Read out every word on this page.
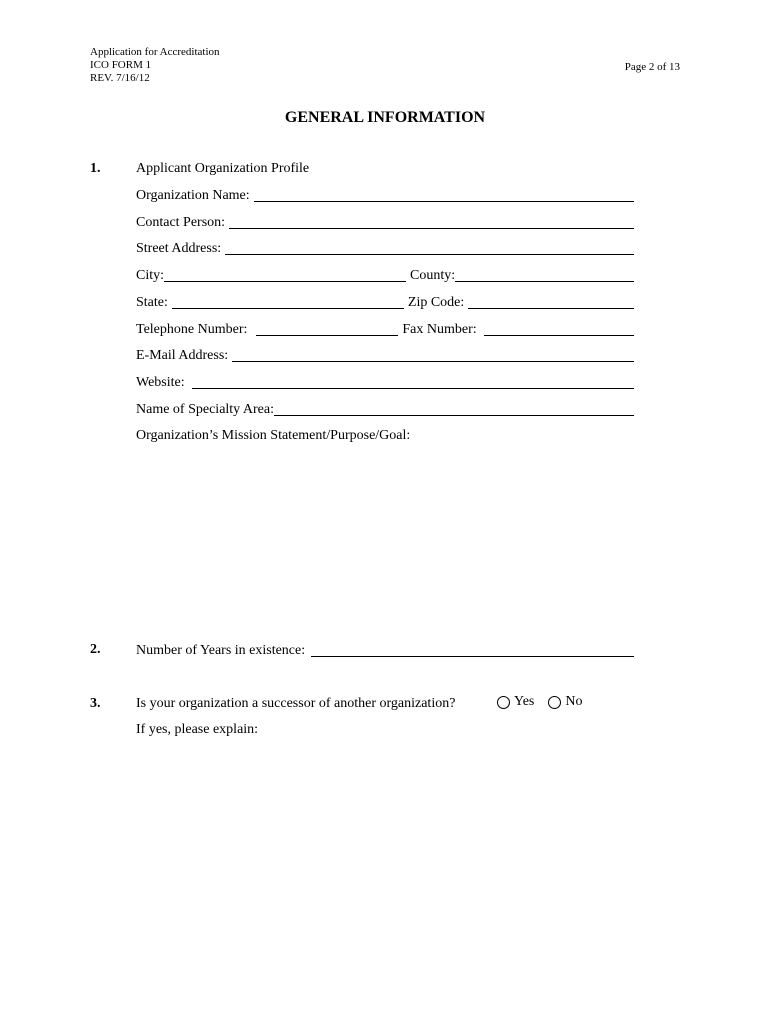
Application for Accreditation
ICO FORM 1
REV. 7/16/12
Page 2 of 13
GENERAL INFORMATION
1.	Applicant Organization Profile
Organization Name:
Contact Person:
Street Address:
City:	County:
State:	Zip Code:
Telephone Number:	Fax Number:
E-Mail Address:
Website:
Name of Specialty Area:
Organization’s Mission Statement/Purpose/Goal:
2.	Number of Years in existence:
3.	Is your organization a successor of another organization?	Yes No
If yes, please explain:
